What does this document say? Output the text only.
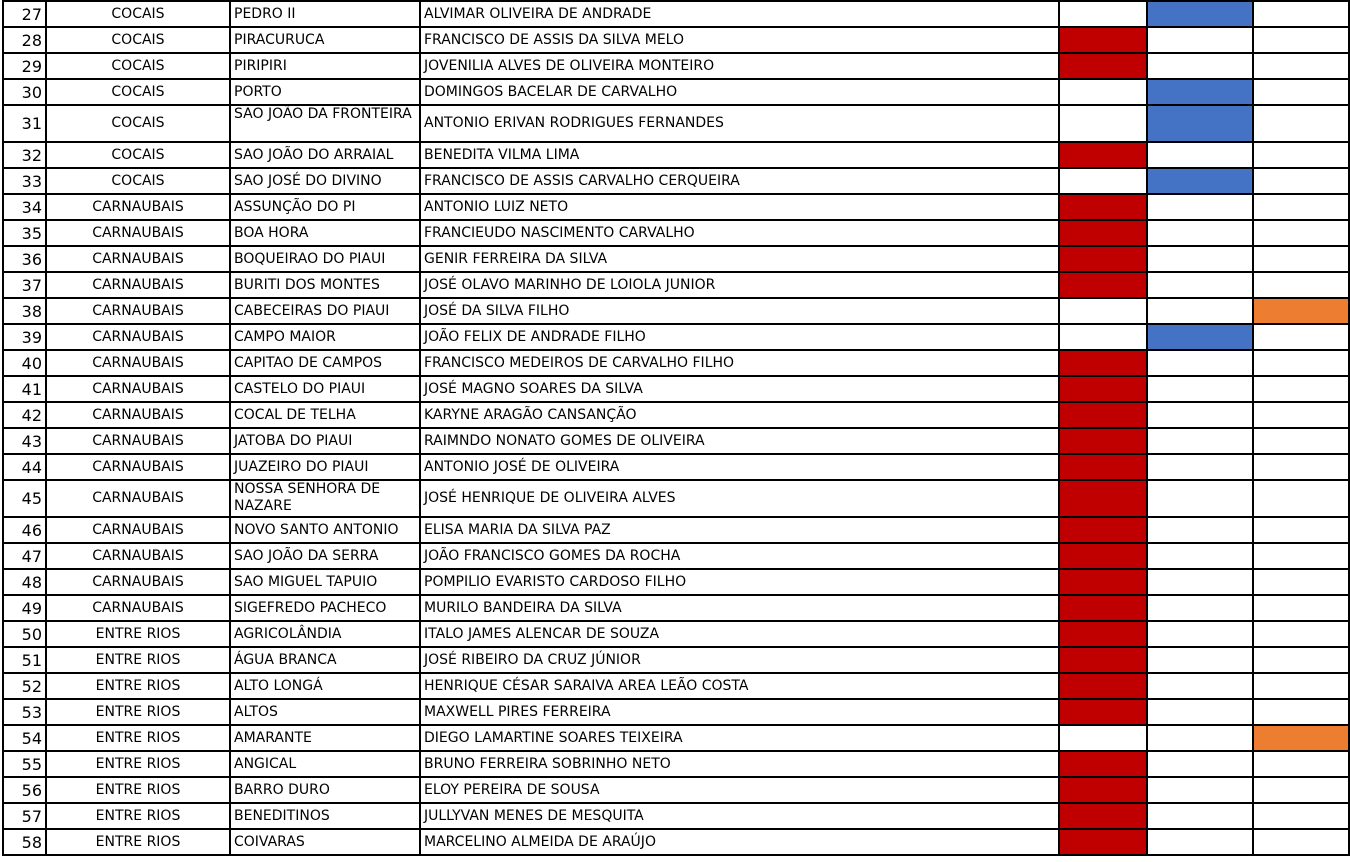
27	COCAIS	PEDRO II	ALVIMAR OLIVEIRA DE ANDRADE			
28	COCAIS	PIRACURUCA	FRANCISCO DE ASSIS DA SILVA MELO			
29	COCAIS	PIRIPIRI	JOVENILIA ALVES DE OLIVEIRA MONTEIRO			
30	COCAIS	PORTO	DOMINGOS BACELAR DE CARVALHO			
31	COCAIS	SAO JOÃO DA FRONTEIRA	ANTONIO ERIVAN RODRIGUES FERNANDES			
32	COCAIS	SAO JOÃO DO ARRAIAL	BENEDITA VILMA LIMA			
33	COCAIS	SAO JOSÉ DO DIVINO	FRANCISCO DE ASSIS CARVALHO CERQUEIRA			
34	CARNAUBAIS	ASSUNÇÃO DO PI	ANTONIO LUIZ NETO			
35	CARNAUBAIS	BOA HORA	FRANCIEUDO NASCIMENTO CARVALHO			
36	CARNAUBAIS	BOQUEIRAO DO PIAUI	GENIR FERREIRA DA SILVA			
37	CARNAUBAIS	BURITI DOS MONTES	JOSÉ OLAVO MARINHO DE LOIOLA JUNIOR			
38	CARNAUBAIS	CABECEIRAS DO PIAUI	JOSÉ DA SILVA FILHO			
39	CARNAUBAIS	CAMPO MAIOR	JOÃO FELIX DE ANDRADE FILHO			
40	CARNAUBAIS	CAPITAO DE CAMPOS	FRANCISCO MEDEIROS DE CARVALHO FILHO			
41	CARNAUBAIS	CASTELO DO PIAUI	JOSÉ MAGNO SOARES DA SILVA			
42	CARNAUBAIS	COCAL DE TELHA	KARYNE ARAGÃO CANSANÇÃO			
43	CARNAUBAIS	JATOBA DO PIAUI	RAIMNDO NONATO GOMES DE OLIVEIRA			
44	CARNAUBAIS	JUAZEIRO DO PIAUI	ANTONIO JOSÉ DE OLIVEIRA			
45	CARNAUBAIS	NOSSA SENHORA DE NAZARE	JOSÉ HENRIQUE DE OLIVEIRA ALVES			
46	CARNAUBAIS	NOVO SANTO ANTONIO	ELISA MARIA DA SILVA PAZ			
47	CARNAUBAIS	SAO JOÃO DA SERRA	JOÃO FRANCISCO GOMES DA ROCHA			
48	CARNAUBAIS	SAO MIGUEL TAPUIO	POMPILIO EVARISTO CARDOSO FILHO			
49	CARNAUBAIS	SIGEFREDO PACHECO	MURILO BANDEIRA DA SILVA			
50	ENTRE RIOS	AGRICOLÂNDIA	ITALO JAMES ALENCAR DE SOUZA			
51	ENTRE RIOS	ÁGUA BRANCA	JOSÉ RIBEIRO DA CRUZ JÚNIOR			
52	ENTRE RIOS	ALTO LONGÁ	HENRIQUE CÉSAR SARAIVA AREA LEÃO COSTA			
53	ENTRE RIOS	ALTOS	MAXWELL PIRES FERREIRA			
54	ENTRE RIOS	AMARANTE	DIEGO LAMARTINE SOARES TEIXEIRA			
55	ENTRE RIOS	ANGICAL	BRUNO FERREIRA SOBRINHO NETO			
56	ENTRE RIOS	BARRO DURO	ELOY PEREIRA DE SOUSA			
57	ENTRE RIOS	BENEDITINOS	JULLYVAN MENES DE MESQUITA			
58	ENTRE RIOS	COIVARAS	MARCELINO ALMEIDA DE ARAÚJO			
